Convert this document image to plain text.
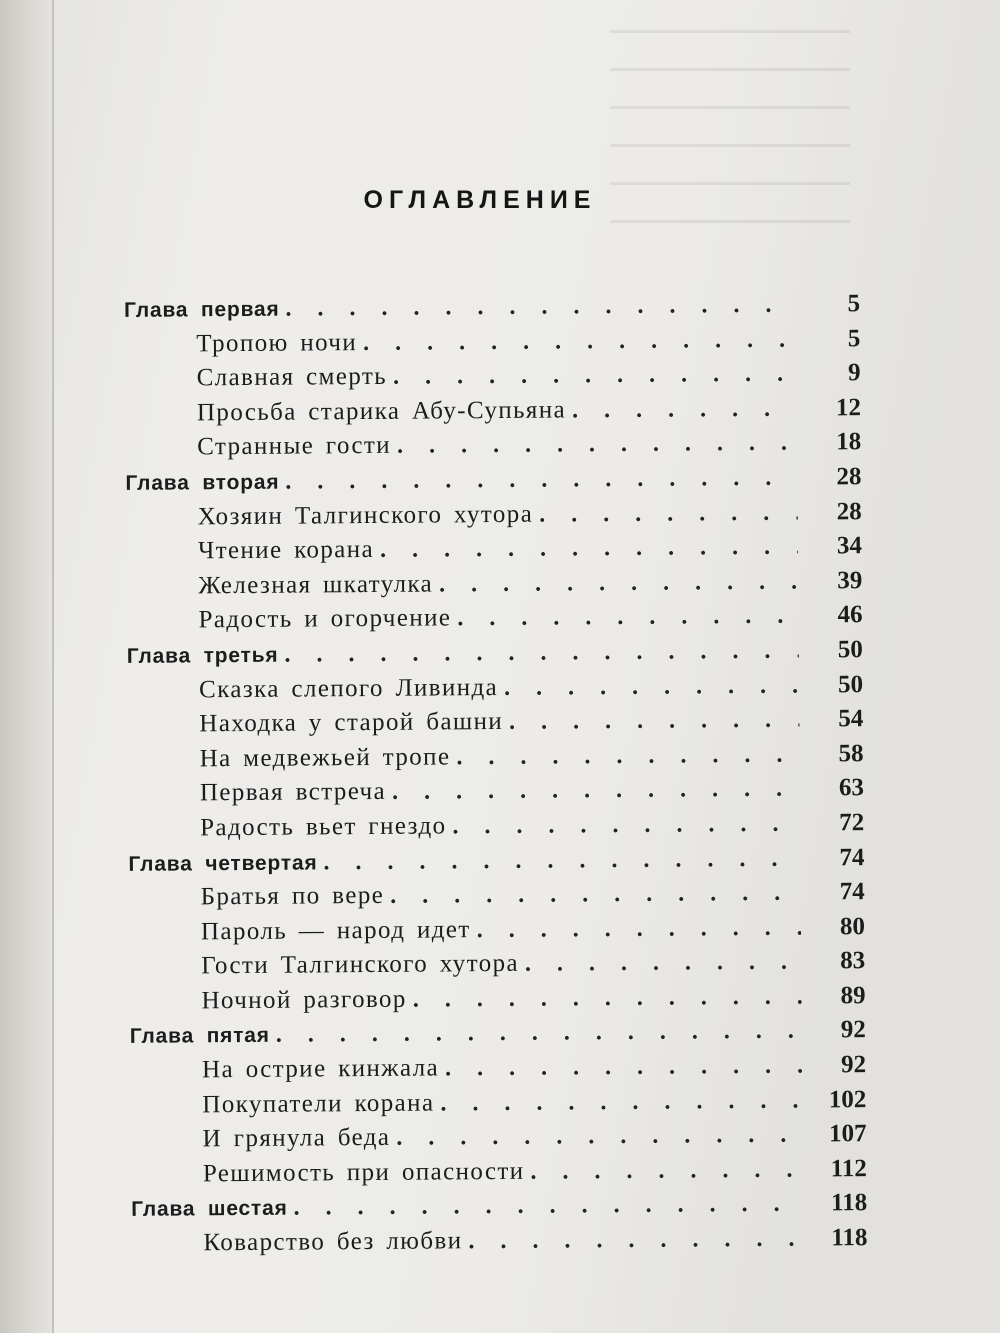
ОГЛАВЛЕНИЕ
Глава первая . . .	5
Тропою ночи . . .	5
Славная смерть . . .	9
Просьба старика Абу-Супьяна . . .	12
Странные гости . . .	18
Глава вторая . . .	28
Хозяин Талгинского хутора . . .	28
Чтение корана . . .	34
Железная шкатулка . . .	39
Радость и огорчение . . .	46
Глава третья . . .	50
Сказка слепого Ливинда . . .	50
Находка у старой башни . . .	54
На медвежьей тропе . . .	58
Первая встреча . . .	63
Радость вьет гнездо . . .	72
Глава четвертая . . .	74
Братья по вере . . .	74
Пароль — народ идет . . .	80
Гости Талгинского хутора . . .	83
Ночной разговор . . .	89
Глава пятая . . .	92
На острие кинжала . . .	92
Покупатели корана . . .	102
И грянула беда . . .	107
Решимость при опасности . . .	112
Глава шестая . . .	118
Коварство без любви . . .	118
